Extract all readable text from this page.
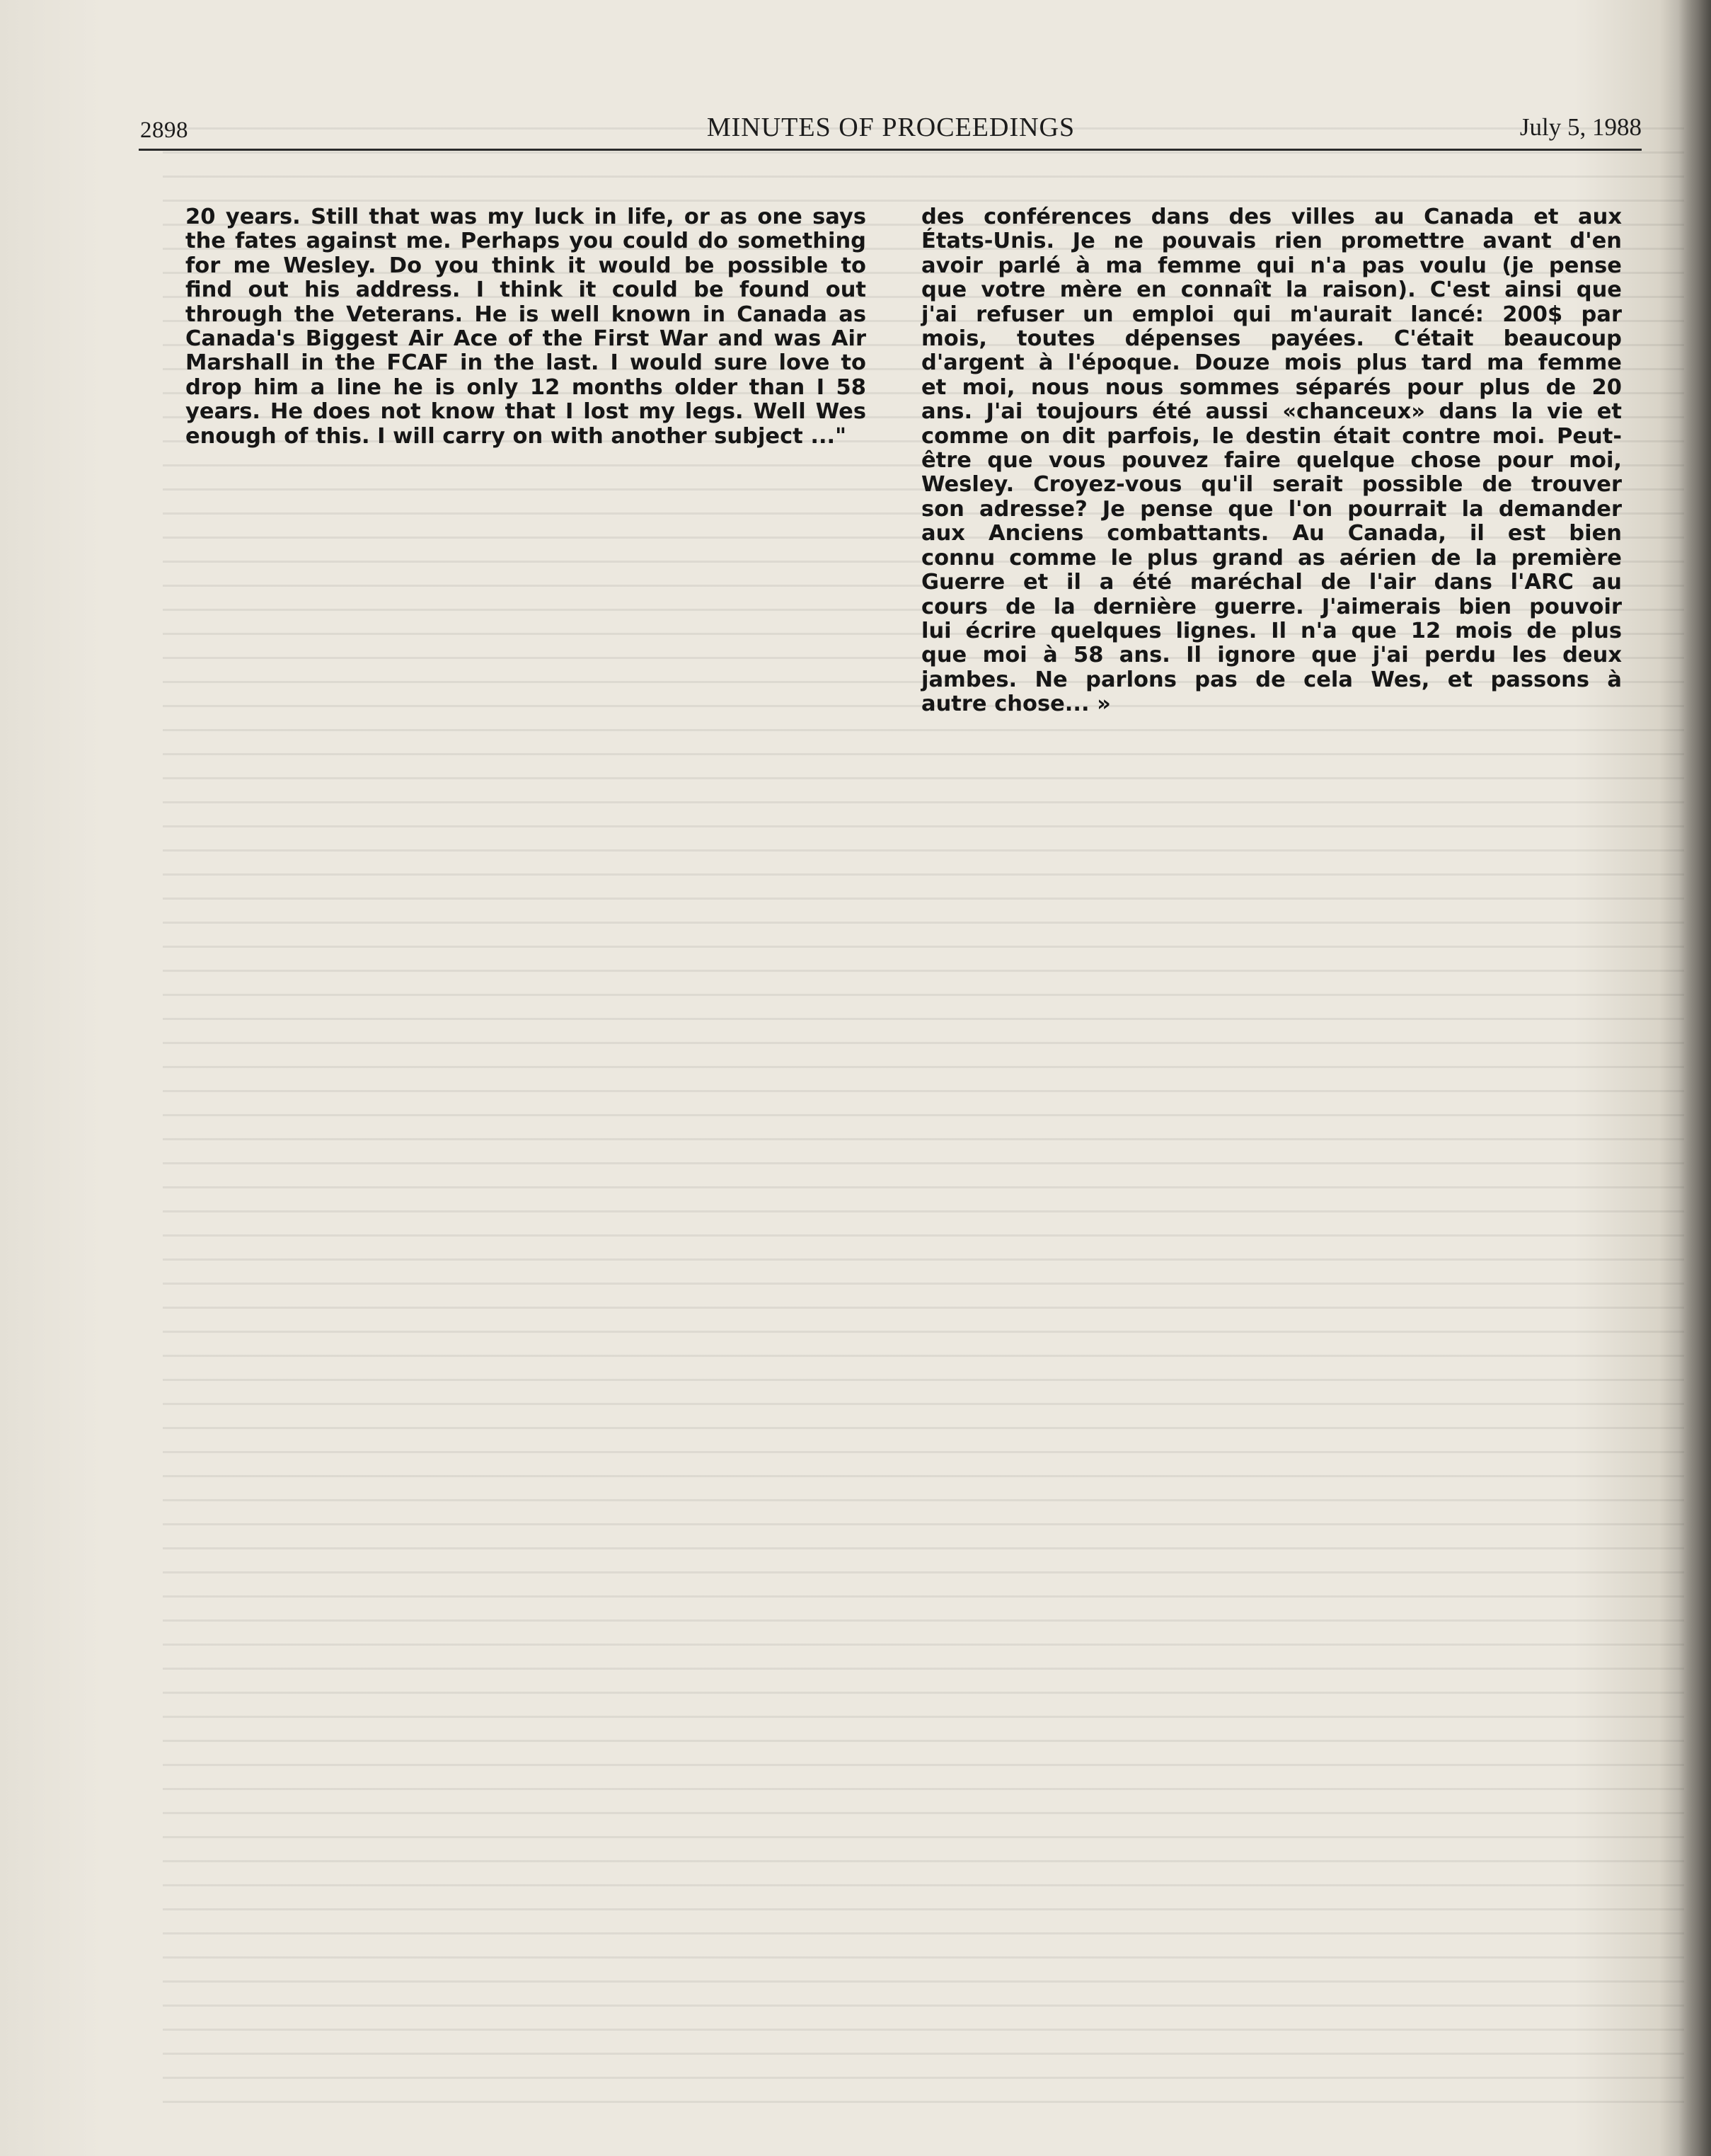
2898	MINUTES OF PROCEEDINGS	July 5, 1988
20 years. Still that was my luck in life, or as one says
the fates against me. Perhaps you could do something
for me Wesley. Do you think it would be possible to
find out his address. I think it could be found out
through the Veterans. He is well known in Canada as
Canada's Biggest Air Ace of the First War and was Air
Marshall in the FCAF in the last. I would sure love to
drop him a line he is only 12 months older than I 58
years. He does not know that I lost my legs. Well Wes
enough of this. I will carry on with another subject ..."
des conférences dans des villes au Canada et aux
États-Unis. Je ne pouvais rien promettre avant d'en
avoir parlé à ma femme qui n'a pas voulu (je pense
que votre mère en connaît la raison). C'est ainsi que
j'ai refuser un emploi qui m'aurait lancé: 200$ par
mois, toutes dépenses payées. C'était beaucoup
d'argent à l'époque. Douze mois plus tard ma femme
et moi, nous nous sommes séparés pour plus de 20
ans. J'ai toujours été aussi «chanceux» dans la vie et
comme on dit parfois, le destin était contre moi. Peut-
être que vous pouvez faire quelque chose pour moi,
Wesley. Croyez-vous qu'il serait possible de trouver
son adresse? Je pense que l'on pourrait la demander
aux Anciens combattants. Au Canada, il est bien
connu comme le plus grand as aérien de la première
Guerre et il a été maréchal de l'air dans l'ARC au
cours de la dernière guerre. J'aimerais bien pouvoir
lui écrire quelques lignes. Il n'a que 12 mois de plus
que moi à 58 ans. Il ignore que j'ai perdu les deux
jambes. Ne parlons pas de cela Wes, et passons à
autre chose... »
